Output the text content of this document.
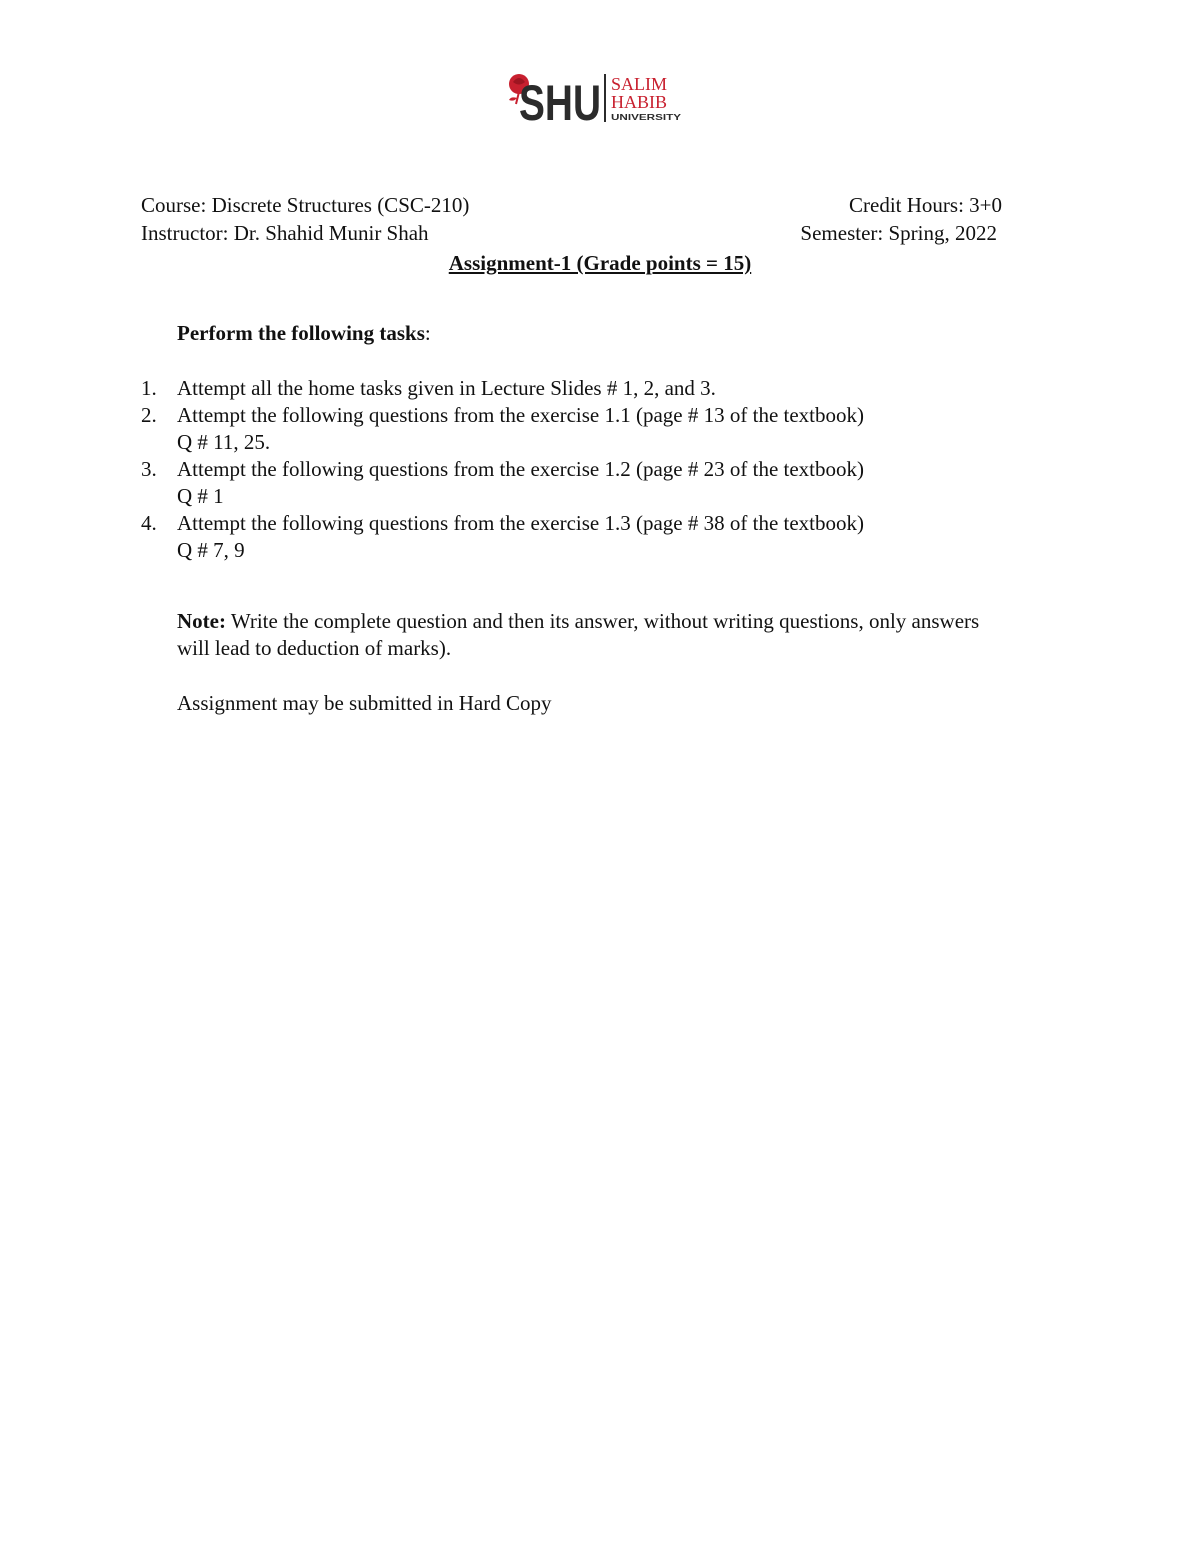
SHU SALIM
HABIB
UNIVERSITY
Course: Discrete Structures (CSC-210)	Credit Hours: 3+0
Instructor: Dr. Shahid Munir Shah	Semester: Spring, 2022
Assignment-1 (Grade points = 15)
Perform the following tasks:
1. Attempt all the home tasks given in Lecture Slides # 1, 2, and 3.
2. Attempt the following questions from the exercise 1.1 (page # 13 of the textbook)
Q # 11, 25.
3. Attempt the following questions from the exercise 1.2 (page # 23 of the textbook)
Q # 1
4. Attempt the following questions from the exercise 1.3 (page # 38 of the textbook)
Q # 7, 9
Note: Write the complete question and then its answer, without writing questions, only answers will lead to deduction of marks).
Assignment may be submitted in Hard Copy
